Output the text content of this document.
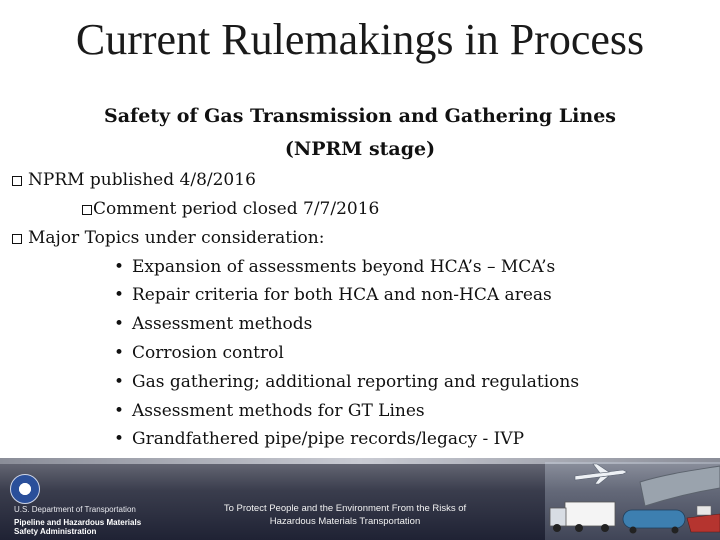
Current Rulemakings in Process
Safety of Gas Transmission and Gathering Lines
(NPRM stage)
NPRM published 4/8/2016
Comment period closed 7/7/2016
Major Topics under consideration:
• Expansion of assessments beyond HCA’s – MCA’s
• Repair criteria for both HCA and non-HCA areas
• Assessment methods
• Corrosion control
• Gas gathering; additional reporting and regulations
• Assessment methods for GT Lines
• Grandfathered pipe/pipe records/legacy - IVP
U.S. Department of Transportation
Pipeline and Hazardous Materials
Safety Administration
To Protect People and the Environment From the Risks of
Hazardous Materials Transportation
